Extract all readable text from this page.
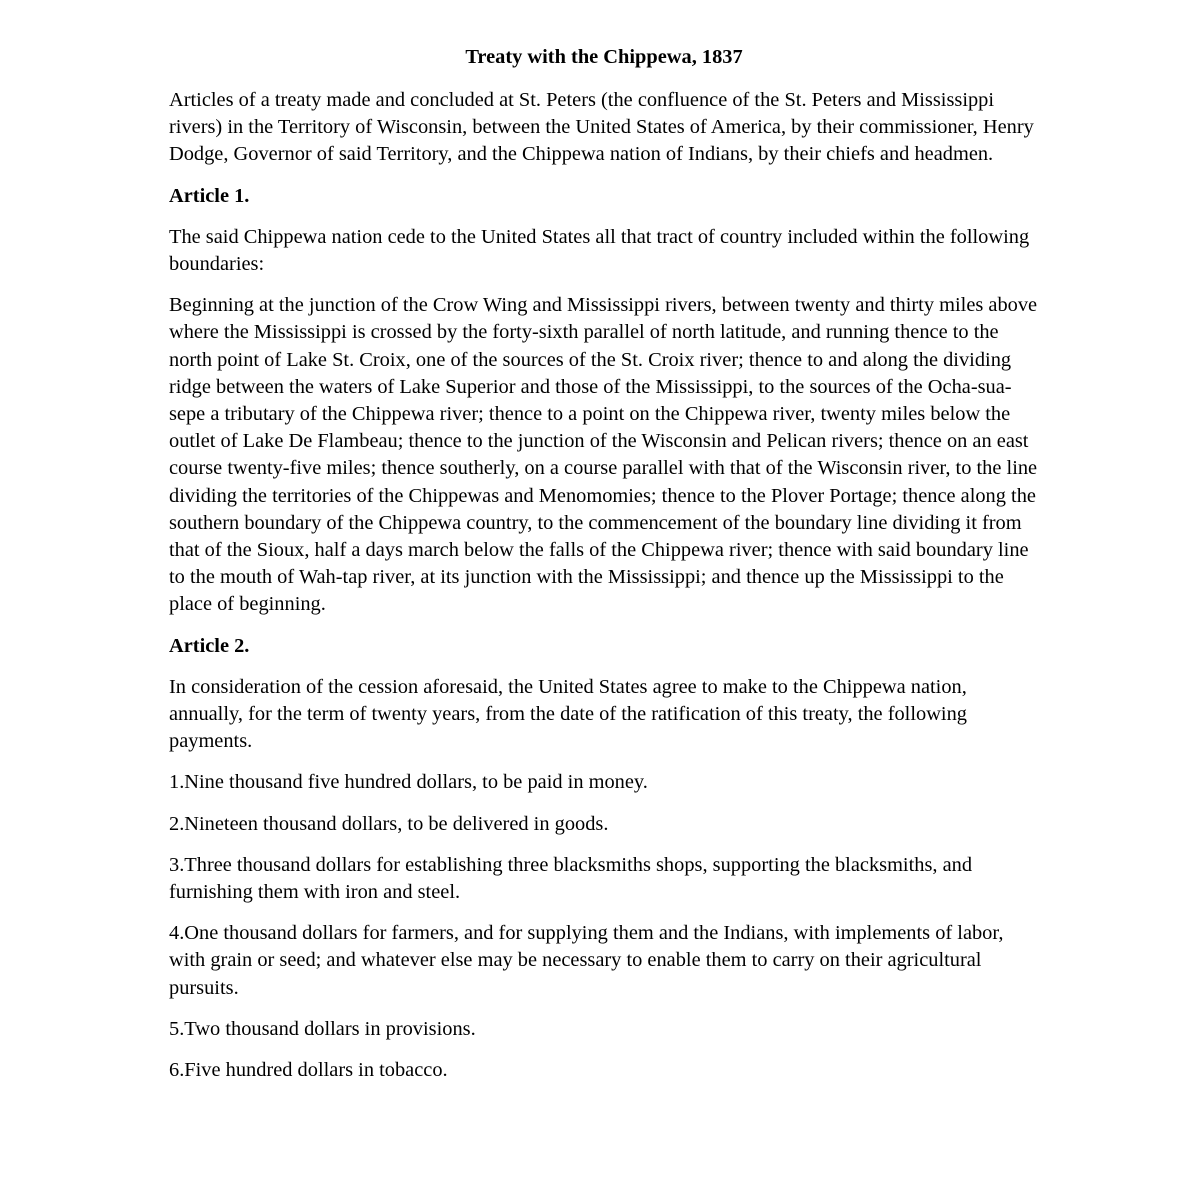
Treaty with the Chippewa, 1837

Articles of a treaty made and concluded at St. Peters (the confluence of the St. Peters and Mississippi rivers) in the Territory of Wisconsin, between the United States of America, by their commissioner, Henry Dodge, Governor of said Territory, and the Chippewa nation of Indians, by their chiefs and headmen.

Article 1.

The said Chippewa nation cede to the United States all that tract of country included within the following boundaries:

Beginning at the junction of the Crow Wing and Mississippi rivers, between twenty and thirty miles above where the Mississippi is crossed by the forty-sixth parallel of north latitude, and running thence to the north point of Lake St. Croix, one of the sources of the St. Croix river; thence to and along the dividing ridge between the waters of Lake Superior and those of the Mississippi, to the sources of the Ocha-sua-sepe a tributary of the Chippewa river; thence to a point on the Chippewa river, twenty miles below the outlet of Lake De Flambeau; thence to the junction of the Wisconsin and Pelican rivers; thence on an east course twenty-five miles; thence southerly, on a course parallel with that of the Wisconsin river, to the line dividing the territories of the Chippewas and Menomomies; thence to the Plover Portage; thence along the southern boundary of the Chippewa country, to the commencement of the boundary line dividing it from that of the Sioux, half a days march below the falls of the Chippewa river; thence with said boundary line to the mouth of Wah-tap river, at its junction with the Mississippi; and thence up the Mississippi to the place of beginning.

Article 2.

In consideration of the cession aforesaid, the United States agree to make to the Chippewa nation, annually, for the term of twenty years, from the date of the ratification of this treaty, the following payments.

1.Nine thousand five hundred dollars, to be paid in money.

2.Nineteen thousand dollars, to be delivered in goods.

3.Three thousand dollars for establishing three blacksmiths shops, supporting the blacksmiths, and furnishing them with iron and steel.

4.One thousand dollars for farmers, and for supplying them and the Indians, with implements of labor, with grain or seed; and whatever else may be necessary to enable them to carry on their agricultural pursuits.

5.Two thousand dollars in provisions.

6.Five hundred dollars in tobacco.
